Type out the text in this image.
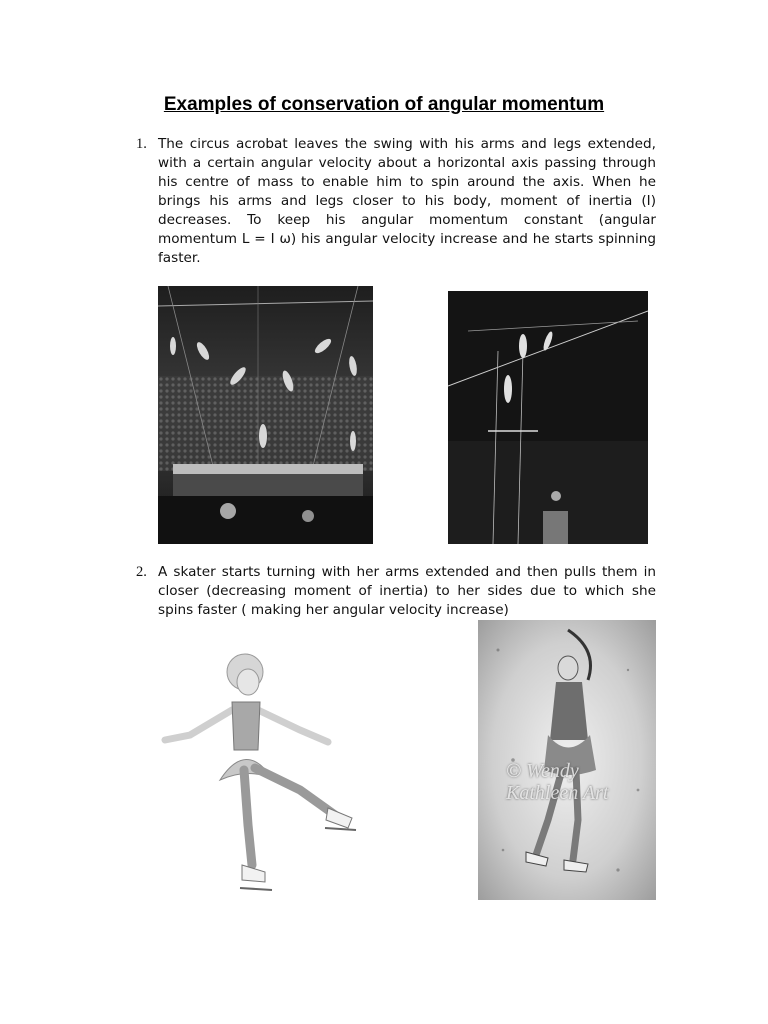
Examples of conservation of angular momentum
1. The circus acrobat leaves the swing with his arms and legs extended, with a certain angular velocity about a horizontal axis passing through his centre of mass to enable him to spin around the axis. When he brings his arms and legs closer to his body, moment of inertia (I) decreases. To keep his angular momentum constant (angular momentum L = I ω) his angular velocity increase and he starts spinning faster.
2. A skater starts turning with her arms extended and then pulls them in closer (decreasing moment of inertia) to her sides due to which she spins faster ( making her angular velocity increase)
© Wendy Kathleen Art
